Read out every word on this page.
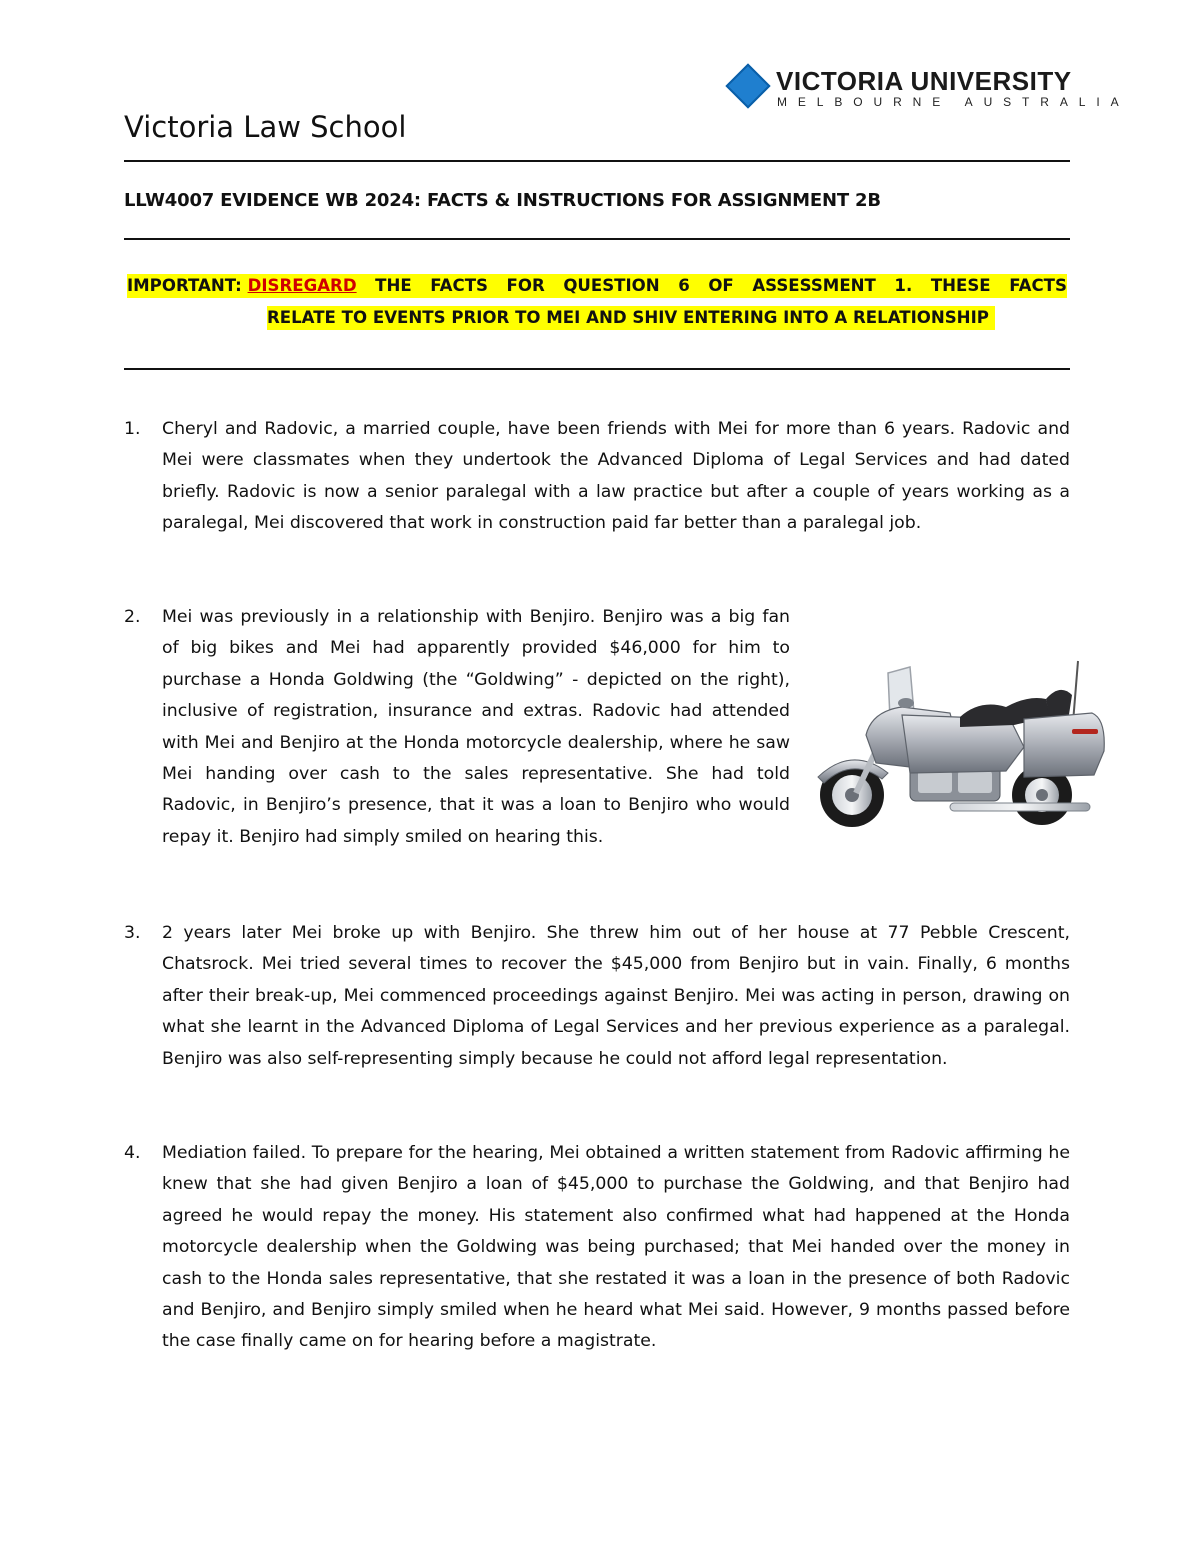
VICTORIA UNIVERSITY
MELBOURNE AUSTRALIA
Victoria Law School
LLW4007 EVIDENCE WB 2024: FACTS & INSTRUCTIONS FOR ASSIGNMENT 2B
IMPORTANT: DISREGARD THE FACTS FOR QUESTION 6 OF ASSESSMENT 1. THESE FACTS
RELATE TO EVENTS PRIOR TO MEI AND SHIV ENTERING INTO A RELATIONSHIP
1.	Cheryl and Radovic, a married couple, have been friends with Mei for more than 6 years. Radovic and Mei were classmates when they undertook the Advanced Diploma of Legal Services and had dated briefly. Radovic is now a senior paralegal with a law practice but after a couple of years working as a paralegal, Mei discovered that work in construction paid far better than a paralegal job.
2.	Mei was previously in a relationship with Benjiro. Benjiro was a big fan of big bikes and Mei had apparently provided $46,000 for him to purchase a Honda Goldwing (the “Goldwing” - depicted on the right), inclusive of registration, insurance and extras. Radovic had attended with Mei and Benjiro at the Honda motorcycle dealership, where he saw Mei handing over cash to the sales representative. She had told Radovic, in Benjiro’s presence, that it was a loan to Benjiro who would repay it. Benjiro had simply smiled on hearing this.
3.	2 years later Mei broke up with Benjiro. She threw him out of her house at 77 Pebble Crescent, Chatsrock. Mei tried several times to recover the $45,000 from Benjiro but in vain. Finally, 6 months after their break-up, Mei commenced proceedings against Benjiro. Mei was acting in person, drawing on what she learnt in the Advanced Diploma of Legal Services and her previous experience as a paralegal. Benjiro was also self-representing simply because he could not afford legal representation.
4.	Mediation failed. To prepare for the hearing, Mei obtained a written statement from Radovic affirming he knew that she had given Benjiro a loan of $45,000 to purchase the Goldwing, and that Benjiro had agreed he would repay the money. His statement also confirmed what had happened at the Honda motorcycle dealership when the Goldwing was being purchased; that Mei handed over the money in cash to the Honda sales representative, that she restated it was a loan in the presence of both Radovic and Benjiro, and Benjiro simply smiled when he heard what Mei said. However, 9 months passed before the case finally came on for hearing before a magistrate.
